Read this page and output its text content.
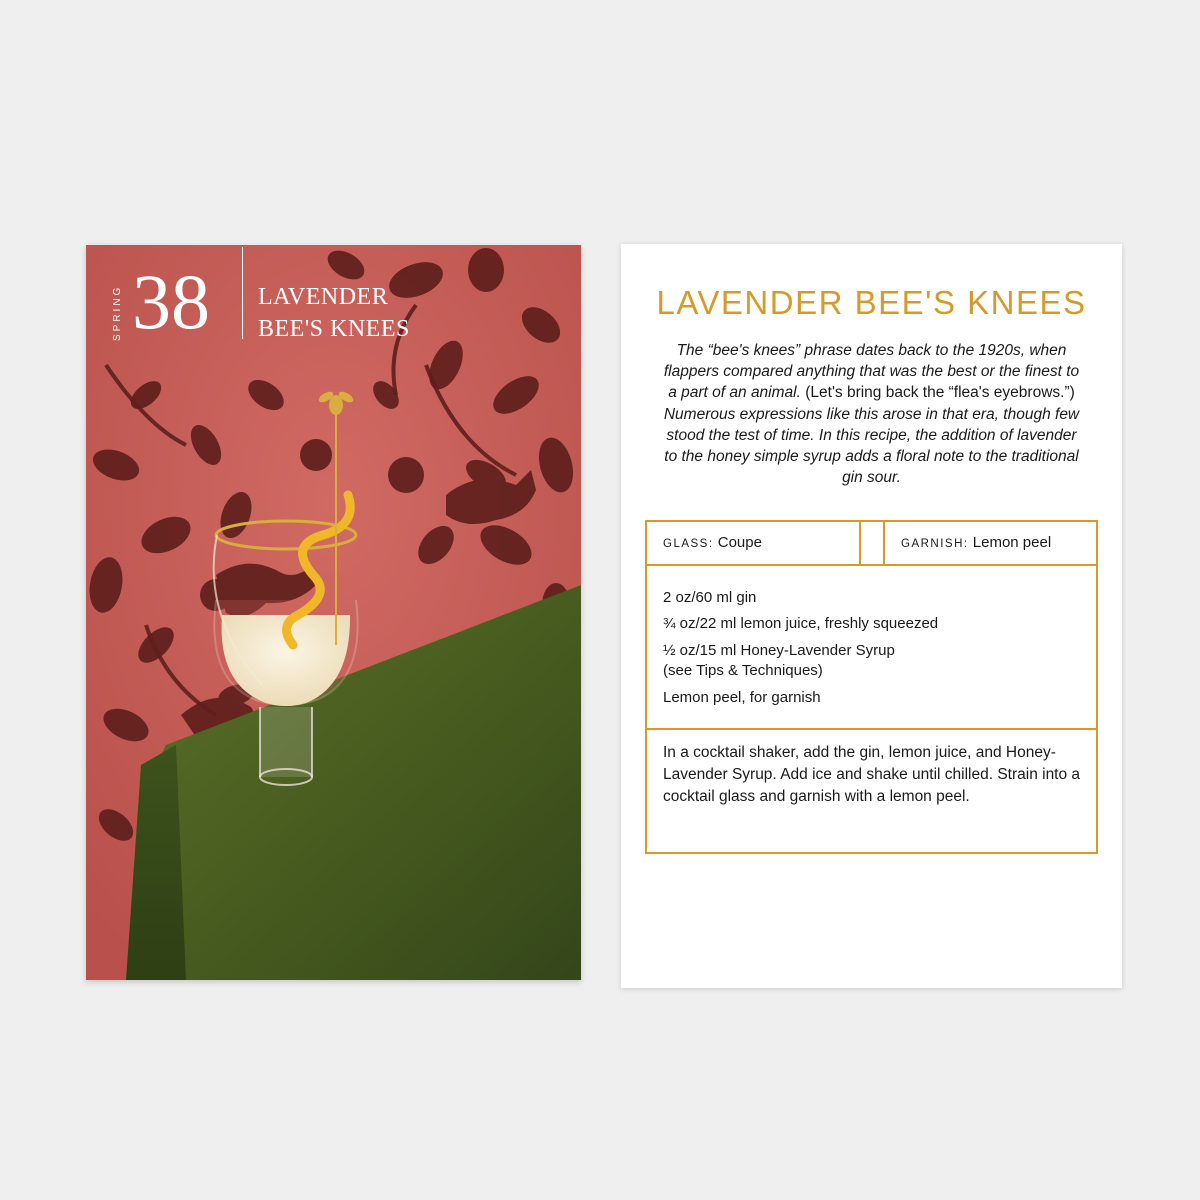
SPRING 38 LAVENDER
BEE'S KNEES
LAVENDER BEE'S KNEES

The “bee's knees” phrase dates back to the 1920s, when flappers compared anything that was the best or the finest to a part of an animal. (Let's bring back the “flea's eyebrows.”) Numerous expressions like this arose in that era, though few stood the test of time. In this recipe, the addition of lavender to the honey simple syrup adds a floral note to the traditional gin sour.

GLASS: Coupe	GARNISH: Lemon peel
2 oz/60 ml gin
¾ oz/22 ml lemon juice, freshly squeezed
½ oz/15 ml Honey-Lavender Syrup
(see Tips & Techniques)
Lemon peel, for garnish

In a cocktail shaker, add the gin, lemon juice, and Honey-Lavender Syrup. Add ice and shake until chilled. Strain into a cocktail glass and garnish with a lemon peel.
